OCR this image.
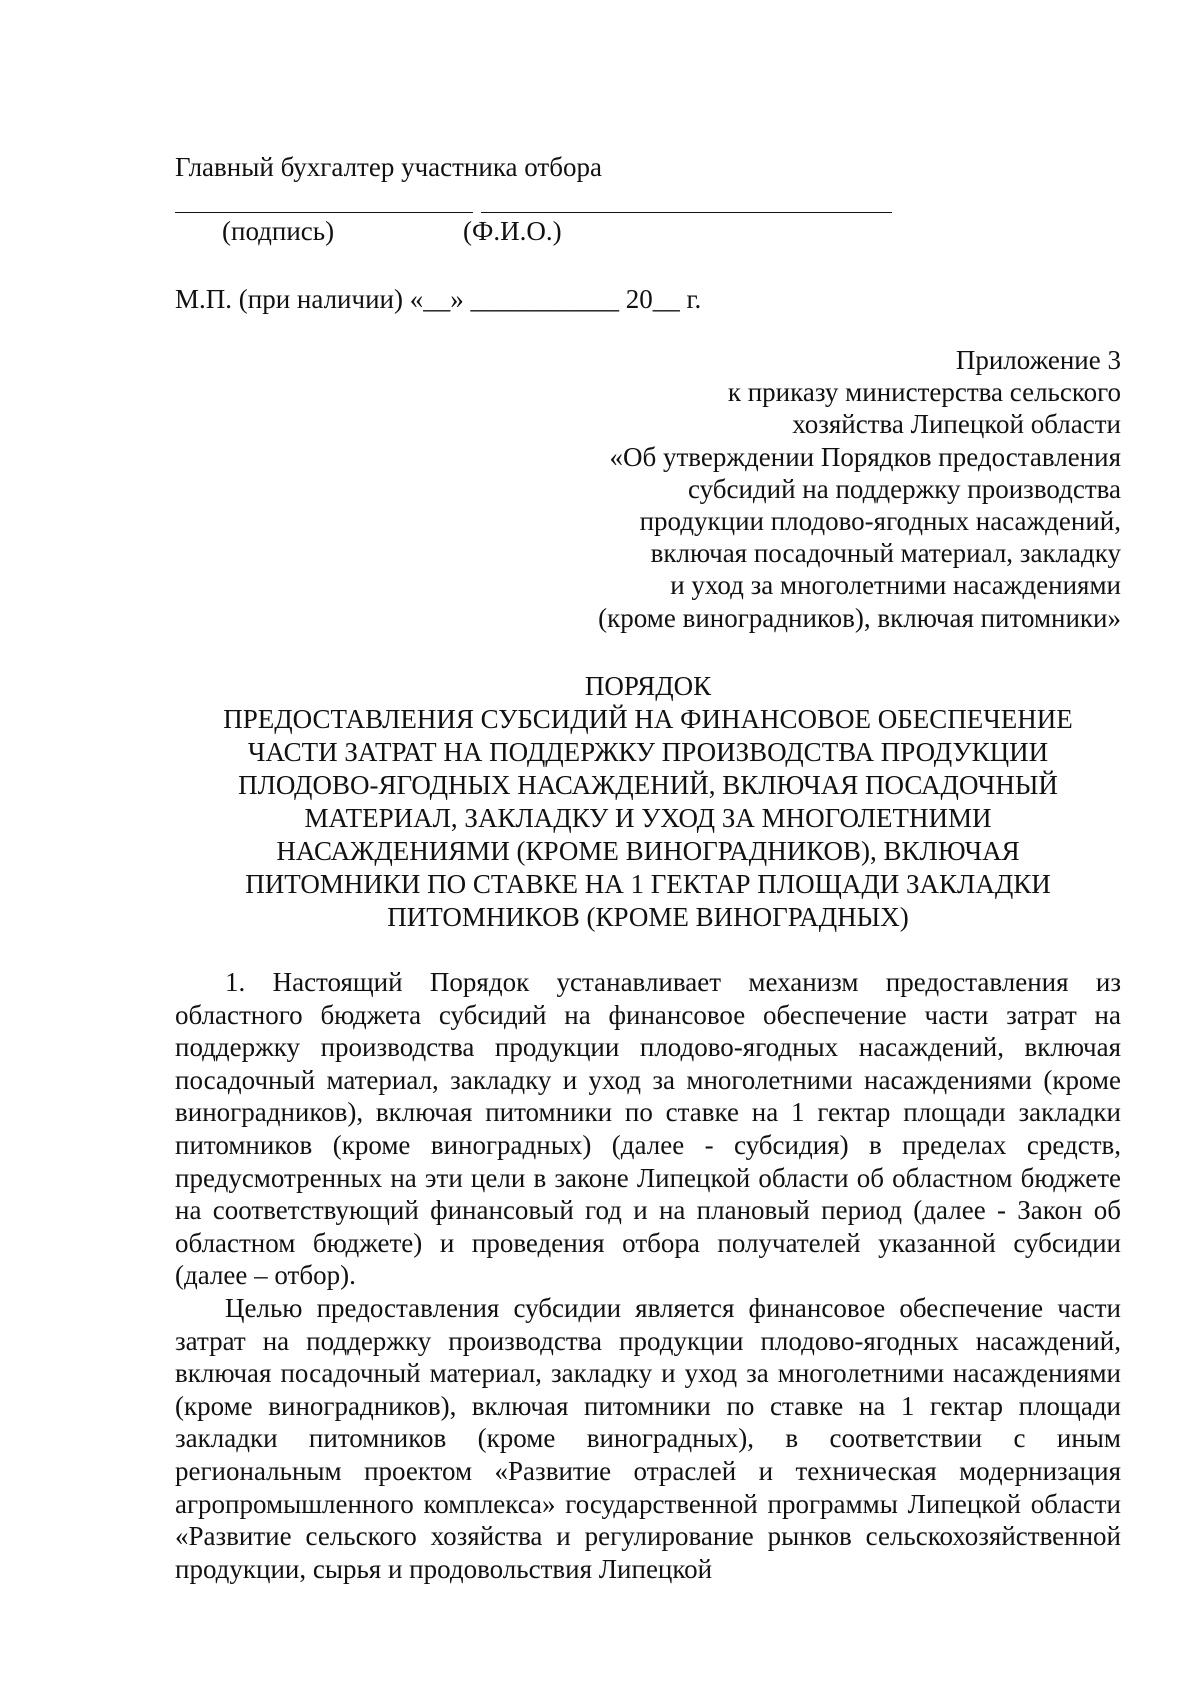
Главный бухгалтер участника отбора
(подпись)	(Ф.И.О.)
М.П. (при наличии) «__» ___________ 20__ г.
Приложение 3
к приказу министерства сельского
хозяйства Липецкой области
«Об утверждении Порядков предоставления
субсидий на поддержку производства
продукции плодово-ягодных насаждений,
включая посадочный материал, закладку
и уход за многолетними насаждениями
(кроме виноградников), включая питомники»
ПОРЯДОК
ПРЕДОСТАВЛЕНИЯ СУБСИДИЙ НА ФИНАНСОВОЕ ОБЕСПЕЧЕНИЕ
ЧАСТИ ЗАТРАТ НА ПОДДЕРЖКУ ПРОИЗВОДСТВА ПРОДУКЦИИ
ПЛОДОВО-ЯГОДНЫХ НАСАЖДЕНИЙ, ВКЛЮЧАЯ ПОСАДОЧНЫЙ
МАТЕРИАЛ, ЗАКЛАДКУ И УХОД ЗА МНОГОЛЕТНИМИ
НАСАЖДЕНИЯМИ (КРОМЕ ВИНОГРАДНИКОВ), ВКЛЮЧАЯ
ПИТОМНИКИ ПО СТАВКЕ НА 1 ГЕКТАР ПЛОЩАДИ ЗАКЛАДКИ
ПИТОМНИКОВ (КРОМЕ ВИНОГРАДНЫХ)

1. Настоящий Порядок устанавливает механизм предоставления из областного бюджета субсидий на финансовое обеспечение части затрат на поддержку производства продукции плодово-ягодных насаждений, включая посадочный материал, закладку и уход за многолетними насаждениями (кроме виноградников), включая питомники по ставке на 1 гектар площади закладки питомников (кроме виноградных) (далее - субсидия) в пределах средств, предусмотренных на эти цели в законе Липецкой области об областном бюджете на соответствующий финансовый год и на плановый период (далее - Закон об областном бюджете) и проведения отбора получателей указанной субсидии (далее – отбор).

Целью предоставления субсидии является финансовое обеспечение части затрат на поддержку производства продукции плодово-ягодных насаждений, включая посадочный материал, закладку и уход за многолетними насаждениями (кроме виноградников), включая питомники по ставке на 1 гектар площади закладки питомников (кроме виноградных), в соответствии с иным региональным проектом «Развитие отраслей и техническая модернизация агропромышленного комплекса» государственной программы Липецкой области «Развитие сельского хозяйства и регулирование рынков сельскохозяйственной продукции, сырья и продовольствия Липецкой
